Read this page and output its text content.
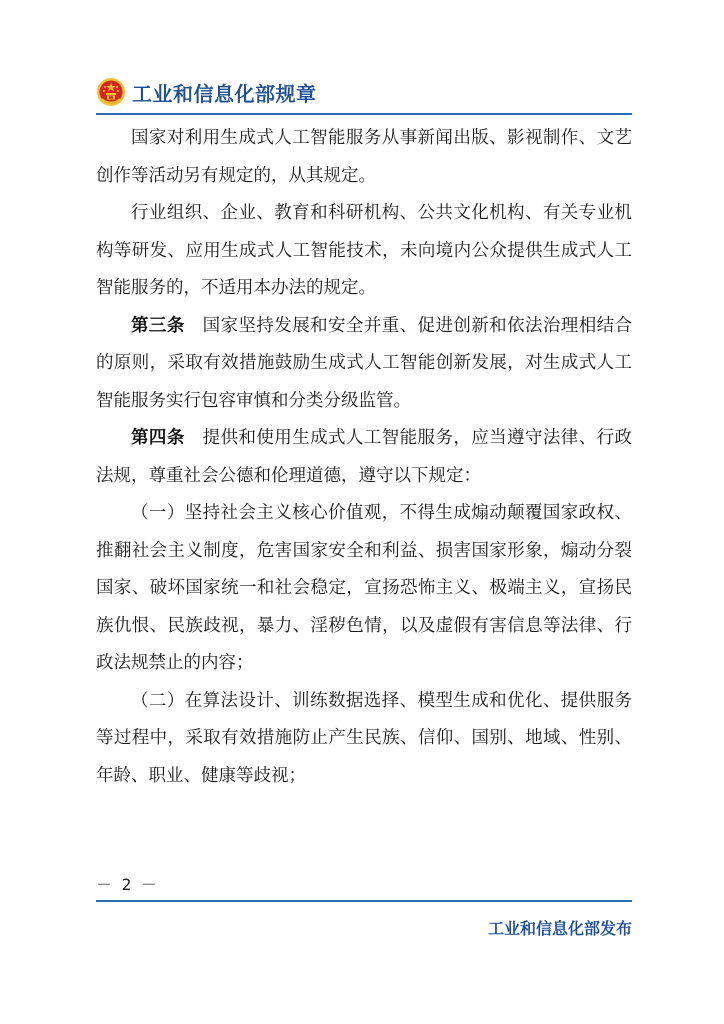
工业和信息化部规章

国家对利用生成式人工智能服务从事新闻出版、影视制作、文艺创作等活动另有规定的，从其规定。

行业组织、企业、教育和科研机构、公共文化机构、有关专业机构等研发、应用生成式人工智能技术，未向境内公众提供生成式人工智能服务的，不适用本办法的规定。

第三条　 国家坚持发展和安全并重、促进创新和依法治理相结合的原则，采取有效措施鼓励生成式人工智能创新发展，对生成式人工智能服务实行包容审慎和分类分级监管。

第四条　 提供和使用生成式人工智能服务，应当遵守法律、行政法规，尊重社会公德和伦理道德，遵守以下规定：

（一）坚持社会主义核心价值观，不得生成煽动颠覆国家政权、推翻社会主义制度，危害国家安全和利益、损害国家形象，煽动分裂国家、破坏国家统一和社会稳定，宣扬恐怖主义、极端主义，宣扬民族仇恨、民族歧视，暴力、淫秽色情，以及虚假有害信息等法律、行政法规禁止的内容；

（二）在算法设计、训练数据选择、模型生成和优化、提供服务等过程中，采取有效措施防止产生民族、信仰、国别、地域、性别、年龄、职业、健康等歧视；

－ 2 －
工业和信息化部发布
